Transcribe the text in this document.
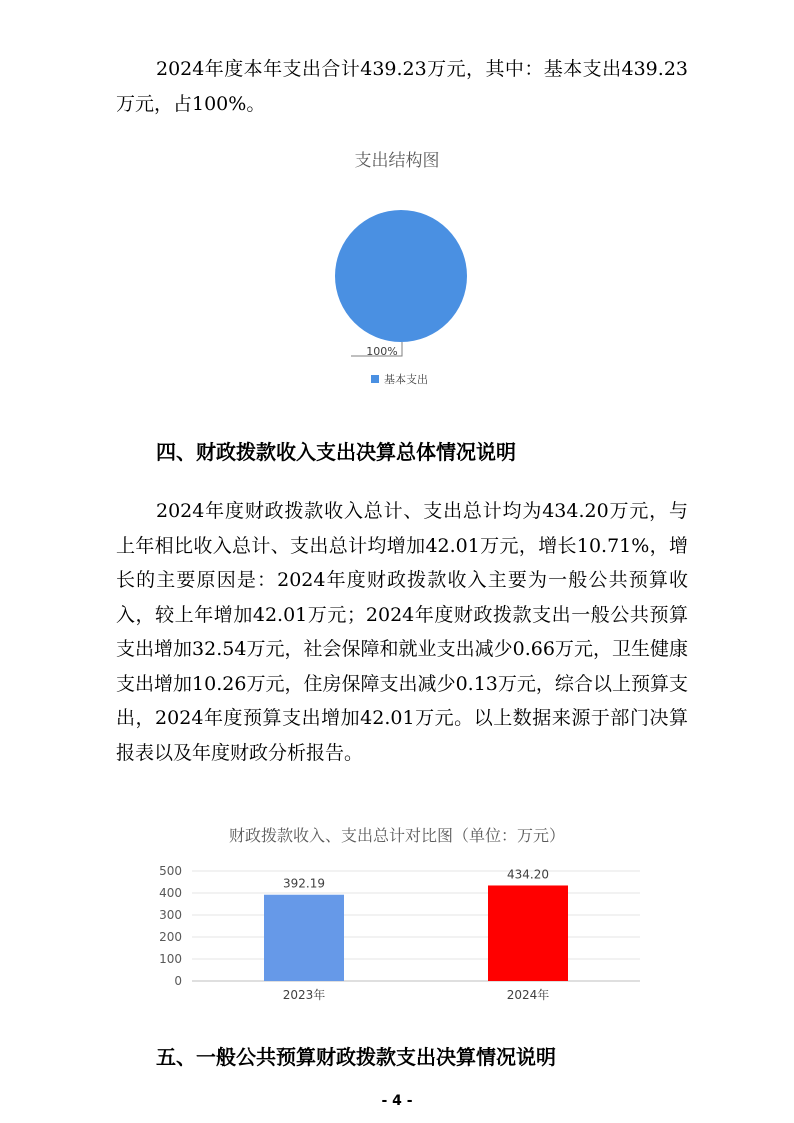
2024年度本年支出合计439.23万元，其中：基本支出439.23万元，占100%。

支出结构图
100%
基本支出
四、财政拨款收入支出决算总体情况说明

2024年度财政拨款收入总计、支出总计均为434.20万元，与上年相比收入总计、支出总计均增加42.01万元，增长10.71%，增长的主要原因是：2024年度财政拨款收入主要为一般公共预算收入，较上年增加42.01万元；2024年度财政拨款支出一般公共预算支出增加32.54万元，社会保障和就业支出减少0.66万元，卫生健康支出增加10.26万元，住房保障支出减少0.13万元，综合以上预算支出，2024年度预算支出增加42.01万元。以上数据来源于部门决算报表以及年度财政分析报告。

财政拨款收入、支出总计对比图（单位：万元）
0
100
200
300
400
500
392.19
2023年
434.20
2024年
五、一般公共预算财政拨款支出决算情况说明
- 4 -
